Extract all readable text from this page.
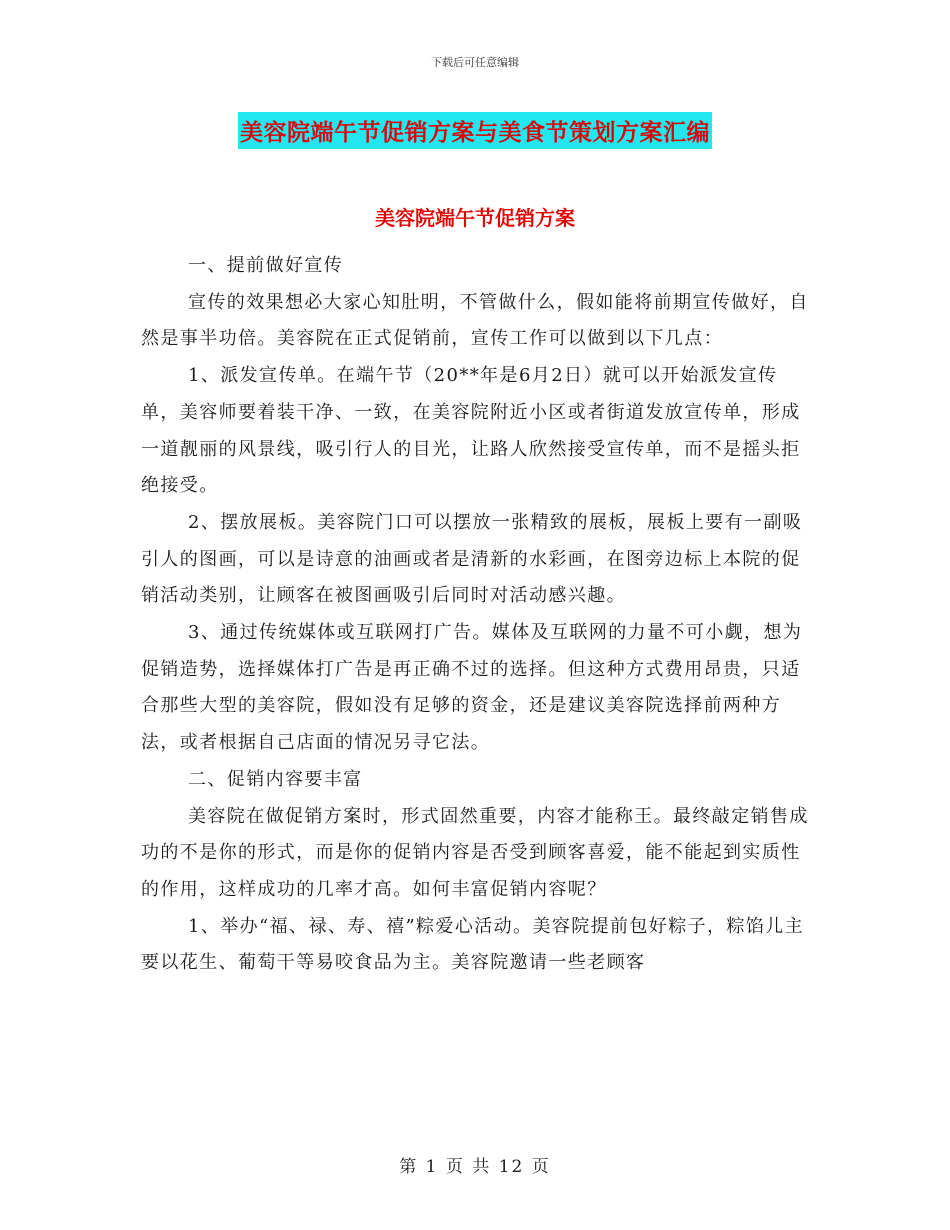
下载后可任意编辑
美容院端午节促销方案与美食节策划方案汇编
美容院端午节促销方案

一、提前做好宣传

宣传的效果想必大家心知肚明，不管做什么，假如能将前期宣传做好，自然是事半功倍。美容院在正式促销前，宣传工作可以做到以下几点：

1、派发宣传单。在端午节（20**年是6月2日）就可以开始派发宣传单，美容师要着装干净、一致，在美容院附近小区或者街道发放宣传单，形成一道靓丽的风景线，吸引行人的目光，让路人欣然接受宣传单，而不是摇头拒绝接受。

2、摆放展板。美容院门口可以摆放一张精致的展板，展板上要有一副吸引人的图画，可以是诗意的油画或者是清新的水彩画，在图旁边标上本院的促销活动类别，让顾客在被图画吸引后同时对活动感兴趣。

3、通过传统媒体或互联网打广告。媒体及互联网的力量不可小觑，想为促销造势，选择媒体打广告是再正确不过的选择。但这种方式费用昂贵，只适合那些大型的美容院，假如没有足够的资金，还是建议美容院选择前两种方法，或者根据自己店面的情况另寻它法。

二、促销内容要丰富

美容院在做促销方案时，形式固然重要，内容才能称王。最终敲定销售成功的不是你的形式，而是你的促销内容是否受到顾客喜爱，能不能起到实质性的作用，这样成功的几率才高。如何丰富促销内容呢？

1、举办“福、禄、寿、禧”粽爱心活动。美容院提前包好粽子，粽馅儿主要以花生、葡萄干等易咬食品为主。美容院邀请一些老顾客

第 1 页 共 12 页
